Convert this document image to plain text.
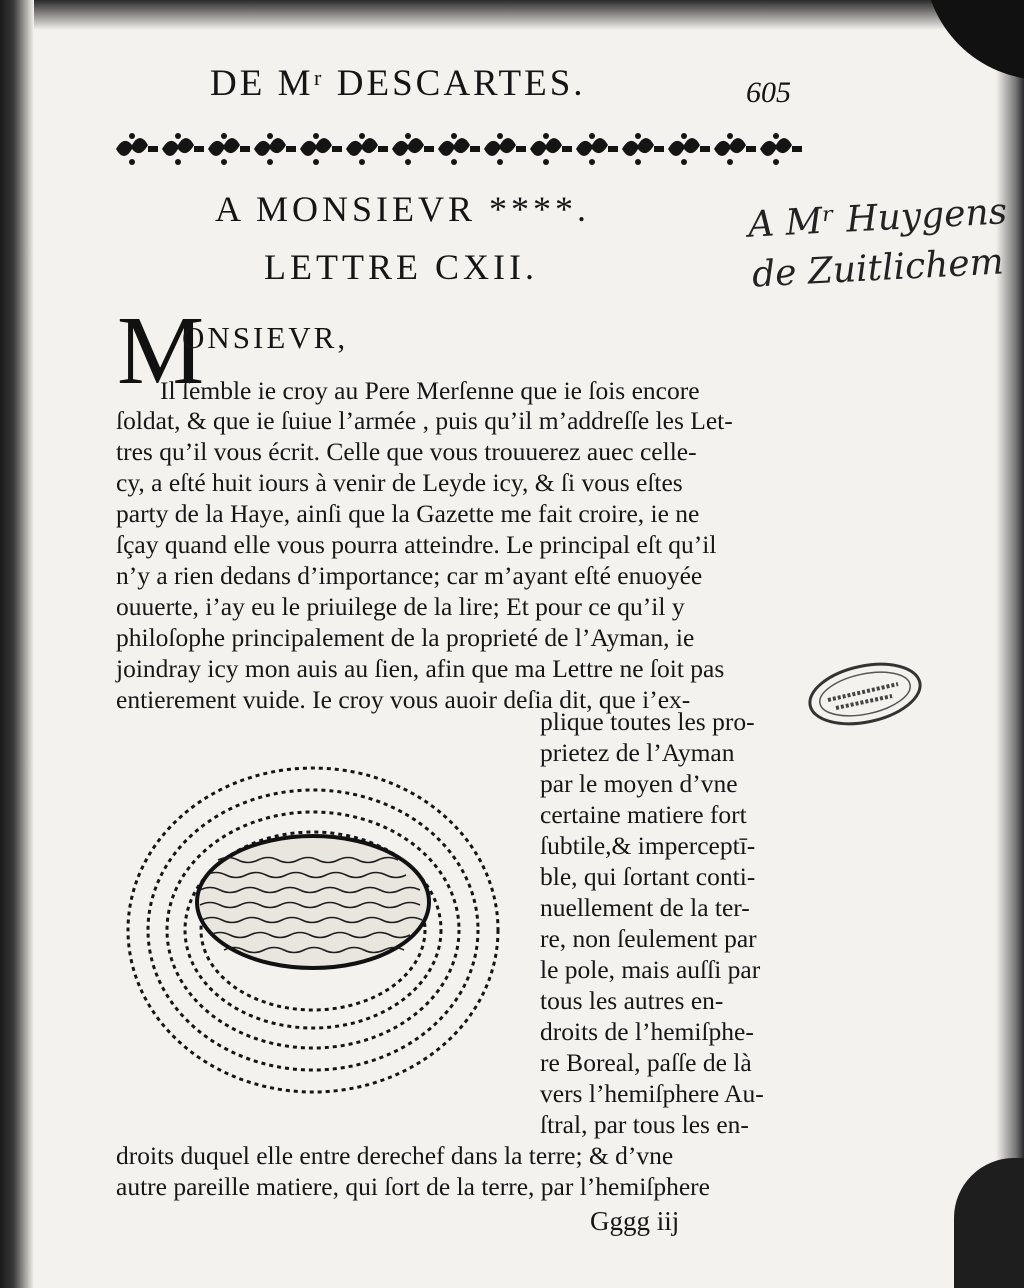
DE Mʳ DESCARTES.	605
A MONSIEVR ****.
LETTRE CXII.
A Mʳ Huygens
de Zuitlichem
M
ONSIEVR,
Il ſemble ie croy au Pere Merſenne que ie ſois encore
ſoldat, & que ie ſuiue l’armée , puis qu’il m’addreſſe les Let-
tres qu’il vous écrit. Celle que vous trouuerez auec celle-
cy, a eſté huit iours à venir de Leyde icy, & ſi vous eſtes
party de la Haye, ainſi que la Gazette me fait croire, ie ne
ſçay quand elle vous pourra atteindre. Le principal eſt qu’il
n’y a rien dedans d’importance; car m’ayant eſté enuoyée
ouuerte, i’ay eu le priuilege de la lire; Et pour ce qu’il y
philoſophe principalement de la proprieté de l’Ayman, ie
joindray icy mon auis au ſien, afin que ma Lettre ne ſoit pas
entierement vuide. Ie croy vous auoir deſia dit, que i’ex-
plique toutes les pro-
prietez de l’Ayman
par le moyen d’vne
certaine matiere fort
ſubtile,& imperceptī-
ble, qui ſortant conti-
nuellement de la ter-
re, non ſeulement par
le pole, mais auſſi par
tous les autres en-
droits de l’hemiſphe-
re Boreal, paſſe de là
vers l’hemiſphere Au-
ſtral, par tous les en-
droits duquel elle entre derechef dans la terre; & d’vne
autre pareille matiere, qui ſort de la terre, par l’hemiſphere
Gggg iij
